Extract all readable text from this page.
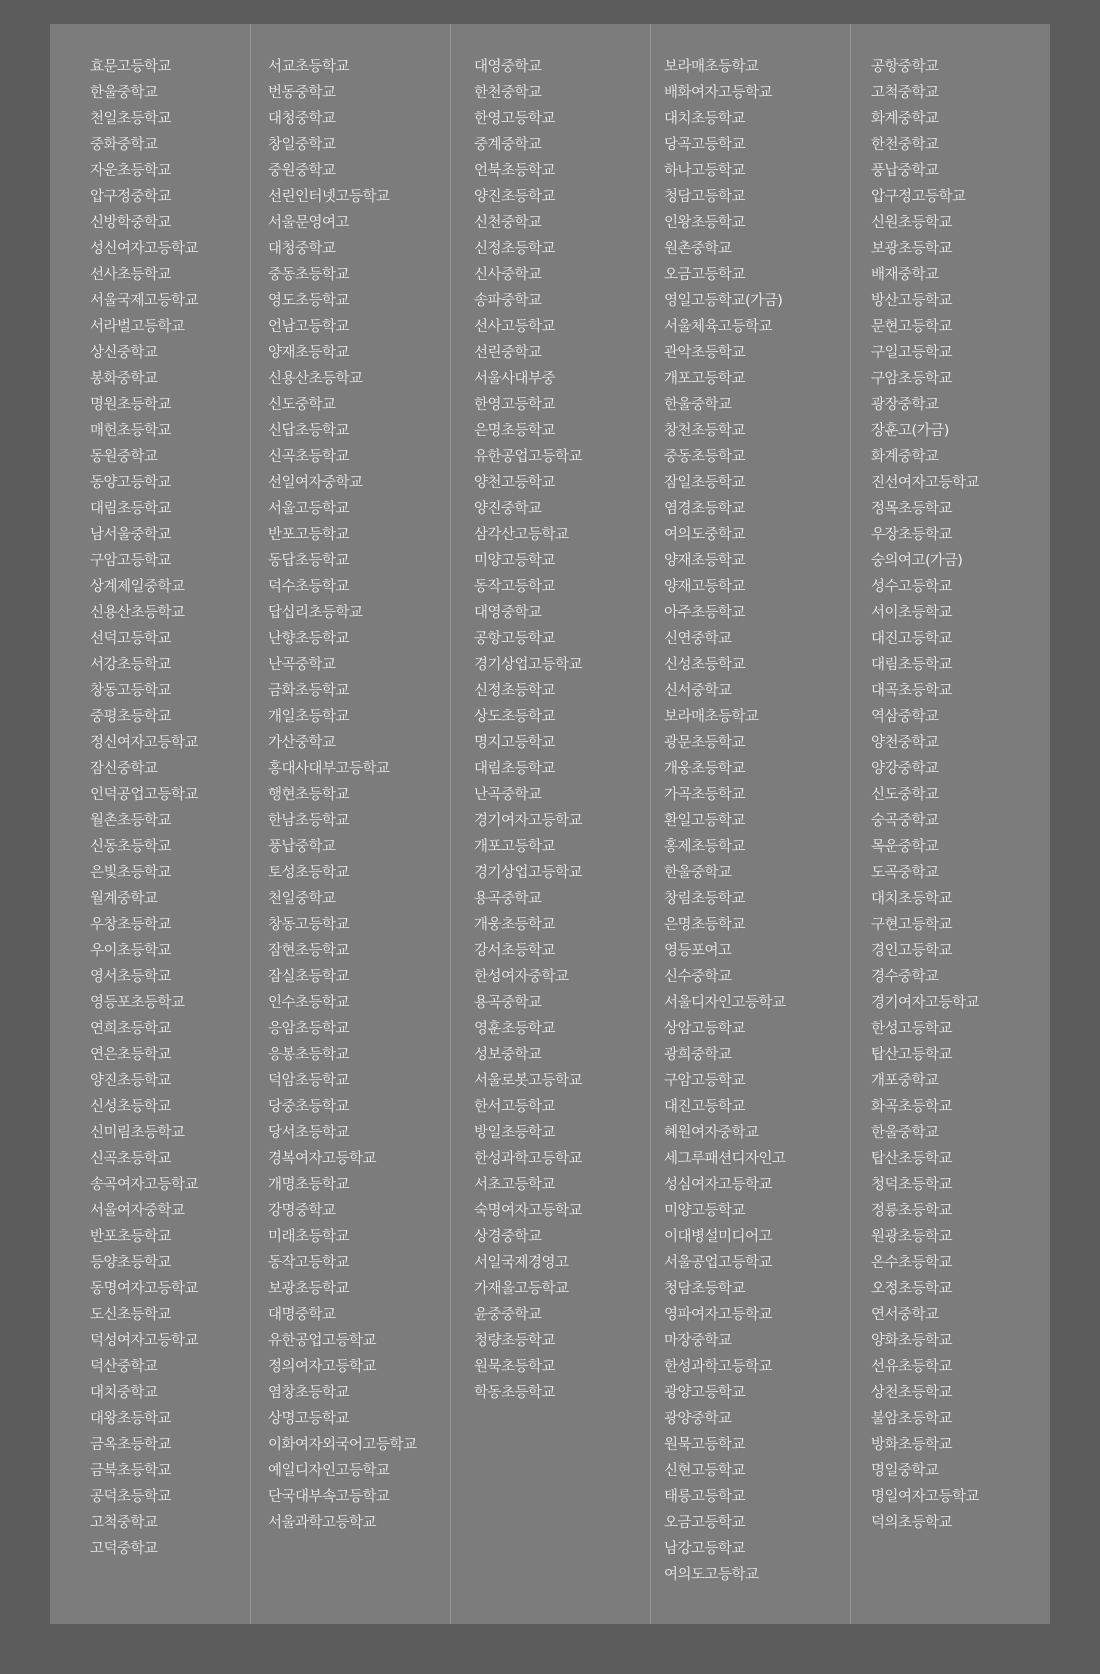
효문고등학교
한울중학교
천일초등학교
중화중학교
자운초등학교
압구정중학교
신방학중학교
성신여자고등학교
선사초등학교
서울국제고등학교
서라벌고등학교
상신중학교
봉화중학교
명원초등학교
매헌초등학교
동원중학교
동양고등학교
대림초등학교
남서울중학교
구암고등학교
상계제일중학교
신용산초등학교
선덕고등학교
서강초등학교
창동고등학교
중평초등학교
정신여자고등학교
잠신중학교
인덕공업고등학교
월촌초등학교
신동초등학교
은빛초등학교
월계중학교
우창초등학교
우이초등학교
영서초등학교
영등포초등학교
연희초등학교
연은초등학교
양진초등학교
신성초등학교
신미림초등학교
신곡초등학교
송곡여자고등학교
서울여자중학교
반포초등학교
등양초등학교
동명여자고등학교
도신초등학교
덕성여자고등학교
덕산중학교
대치중학교
대왕초등학교
금옥초등학교
금북초등학교
공덕초등학교
고척중학교
고덕중학교
서교초등학교
번동중학교
대청중학교
창일중학교
중원중학교
선린인터넷고등학교
서울문영여고
대청중학교
중동초등학교
영도초등학교
언남고등학교
양재초등학교
신용산초등학교
신도중학교
신답초등학교
신곡초등학교
선일여자중학교
서울고등학교
반포고등학교
동답초등학교
덕수초등학교
답십리초등학교
난향초등학교
난곡중학교
금화초등학교
개일초등학교
가산중학교
홍대사대부고등학교
행현초등학교
한남초등학교
풍납중학교
토성초등학교
천일중학교
창동고등학교
잠현초등학교
잠실초등학교
인수초등학교
응암초등학교
응봉초등학교
덕암초등학교
당중초등학교
당서초등학교
경복여자고등학교
개명초등학교
강명중학교
미래초등학교
동작고등학교
보광초등학교
대명중학교
유한공업고등학교
정의여자고등학교
염창초등학교
상명고등학교
이화여자외국어고등학교
예일디자인고등학교
단국대부속고등학교
서울과학고등학교
대영중학교
한천중학교
한영고등학교
중계중학교
언북초등학교
양진초등학교
신천중학교
신정초등학교
신사중학교
송파중학교
선사고등학교
선린중학교
서울사대부중
한영고등학교
은명초등학교
유한공업고등학교
양천고등학교
양진중학교
삼각산고등학교
미양고등학교
동작고등학교
대영중학교
공항고등학교
경기상업고등학교
신정초등학교
상도초등학교
명지고등학교
대림초등학교
난곡중학교
경기여자고등학교
개포고등학교
경기상업고등학교
용곡중학교
개웅초등학교
강서초등학교
한성여자중학교
용곡중학교
영훈초등학교
성보중학교
서울로봇고등학교
한서고등학교
방일초등학교
한성과학고등학교
서초고등학교
숙명여자고등학교
상경중학교
서일국제경영고
가재울고등학교
윤중중학교
청량초등학교
원묵초등학교
학동초등학교
보라매초등학교
배화여자고등학교
대치초등학교
당곡고등학교
하나고등학교
청담고등학교
인왕초등학교
원촌중학교
오금고등학교
영일고등학교(가금)
서울체육고등학교
관악초등학교
개포고등학교
한울중학교
창천초등학교
중동초등학교
잠일초등학교
염경초등학교
여의도중학교
양재초등학교
양재고등학교
아주초등학교
신연중학교
신성초등학교
신서중학교
보라매초등학교
광문초등학교
개웅초등학교
가곡초등학교
환일고등학교
홍제초등학교
한울중학교
창림초등학교
은명초등학교
영등포여고
신수중학교
서울디자인고등학교
상암고등학교
광희중학교
구암고등학교
대진고등학교
혜원여자중학교
세그루패션디자인고
성심여자고등학교
미양고등학교
이대병설미디어고
서울공업고등학교
청담초등학교
영파여자고등학교
마장중학교
한성과학고등학교
광양고등학교
광양중학교
원묵고등학교
신현고등학교
태릉고등학교
오금고등학교
남강고등학교
여의도고등학교
공항중학교
고척중학교
화계중학교
한천중학교
풍납중학교
압구정고등학교
신원초등학교
보광초등학교
배재중학교
방산고등학교
문현고등학교
구일고등학교
구암초등학교
광장중학교
장훈고(가금)
화계중학교
진선여자고등학교
정목초등학교
우장초등학교
숭의여고(가금)
성수고등학교
서이초등학교
대진고등학교
대림초등학교
대곡초등학교
역삼중학교
양천중학교
양강중학교
신도중학교
숭곡중학교
목운중학교
도곡중학교
대치초등학교
구현고등학교
경인고등학교
경수중학교
경기여자고등학교
한성고등학교
탑산고등학교
개포중학교
화곡초등학교
한울중학교
탑산초등학교
청덕초등학교
정릉초등학교
원광초등학교
온수초등학교
오정초등학교
연서중학교
양화초등학교
선유초등학교
상천초등학교
불암초등학교
방화초등학교
명일중학교
명일여자고등학교
덕의초등학교
